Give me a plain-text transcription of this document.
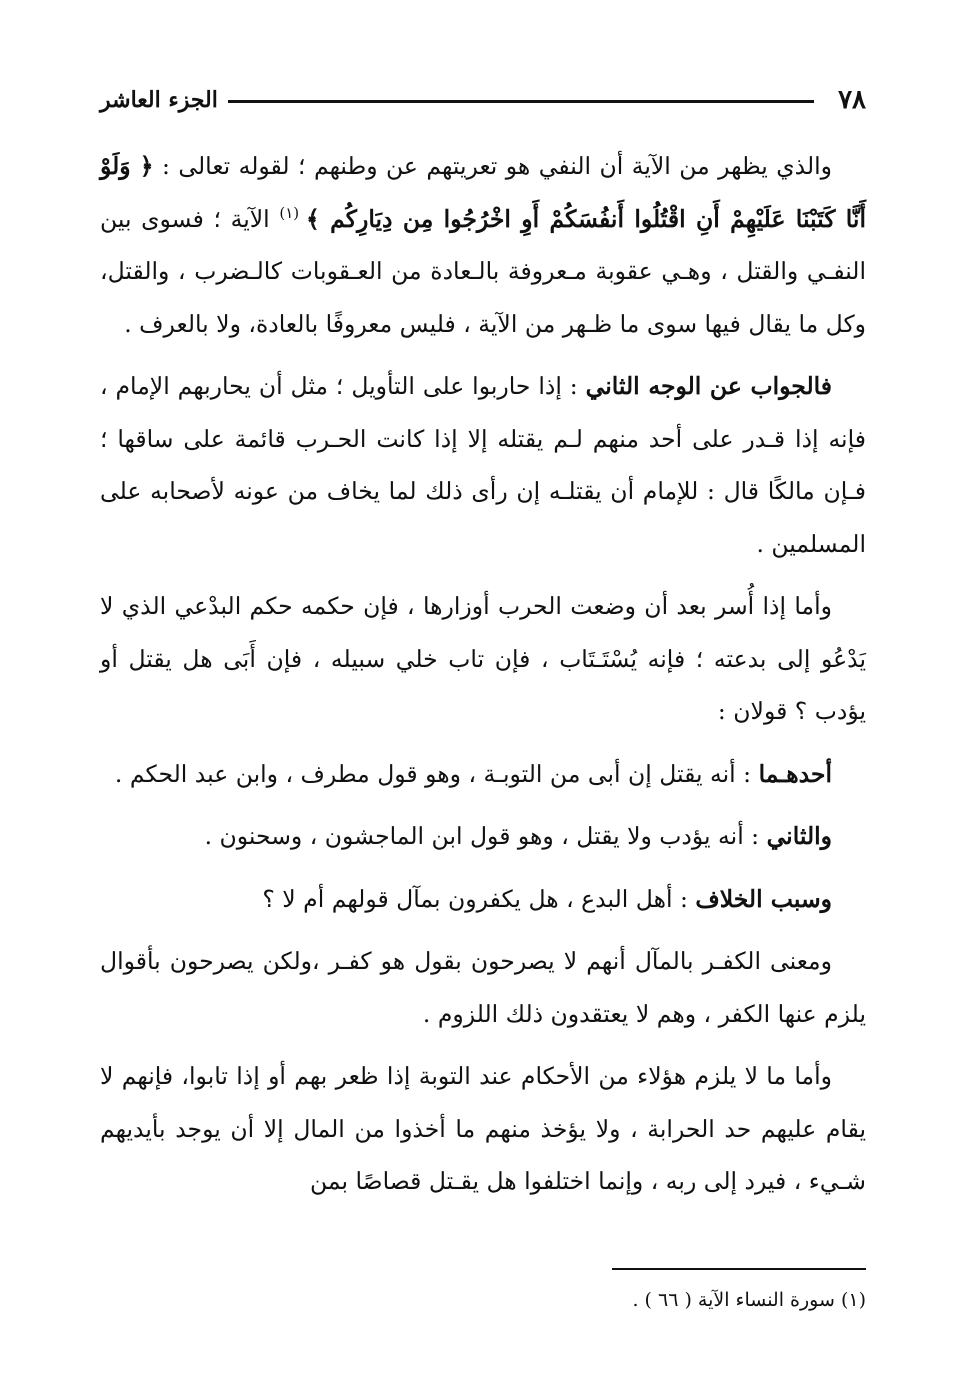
٧٨
الجزء العاشر

والذي يظهر من الآية أن النفي هو تعريتهم عن وطنهم ؛ لقوله تعالى : ﴿ وَلَوْ أَنَّا كَتَبْنَا عَلَيْهِمْ أَنِ اقْتُلُوا أَنفُسَكُمْ أَوِ اخْرُجُوا مِن دِيَارِكُم ﴾ $^{(١)}$ الآية ؛ فسوى بين النفـي والقتل ، وهـي عقوبة مـعروفة بالـعادة من العـقوبات كالـضرب ، والقتل، وكل ما يقال فيها سوى ما ظـهر من الآية ، فليس معروفًا بالعادة، ولا بالعرف .

فالجواب عن الوجه الثاني : إذا حاربوا على التأويل ؛ مثل أن يحاربهم الإمام ، فإنه إذا قـدر على أحد منهم لـم يقتله إلا إذا كانت الحـرب قائمة على ساقها ؛ فـإن مالكًا قال : للإمام أن يقتلـه إن رأى ذلك لما يخاف من عونه لأصحابه على المسلمين .

وأما إذا أُسر بعد أن وضعت الحرب أوزارها ، فإن حكمه حكم البدْعي الذي لا يَدْعُو إلى بدعته ؛ فإنه يُسْتَـتَاب ، فإن تاب خلي سبيله ، فإن أَبَى هل يقتل أو يؤدب ؟ قولان :

أحدهـما : أنه يقتل إن أبى من التوبـة ، وهو قول مطرف ، وابن عبد الحكم .

والثاني : أنه يؤدب ولا يقتل ، وهو قول ابن الماجشون ، وسحنون .

وسبب الخلاف : أهل البدع ، هل يكفرون بمآل قولهم أم لا ؟

ومعنى الكفـر بالمآل أنهم لا يصرحون بقول هو كفـر ،ولكن يصرحون بأقوال يلزم عنها الكفر ، وهم لا يعتقدون ذلك اللزوم .

وأما ما لا يلزم هؤلاء من الأحكام عند التوبة إذا ظعر بهم أو إذا تابوا، فإنهم لا يقام عليهم حد الحرابة ، ولا يؤخذ منهم ما أخذوا من المال إلا أن يوجد بأيديهم شـيء ، فيرد إلى ربه ، وإنما اختلفوا هل يقـتل قصاصًا بمن

(١) سورة النساء الآية ( ٦٦ ) .
